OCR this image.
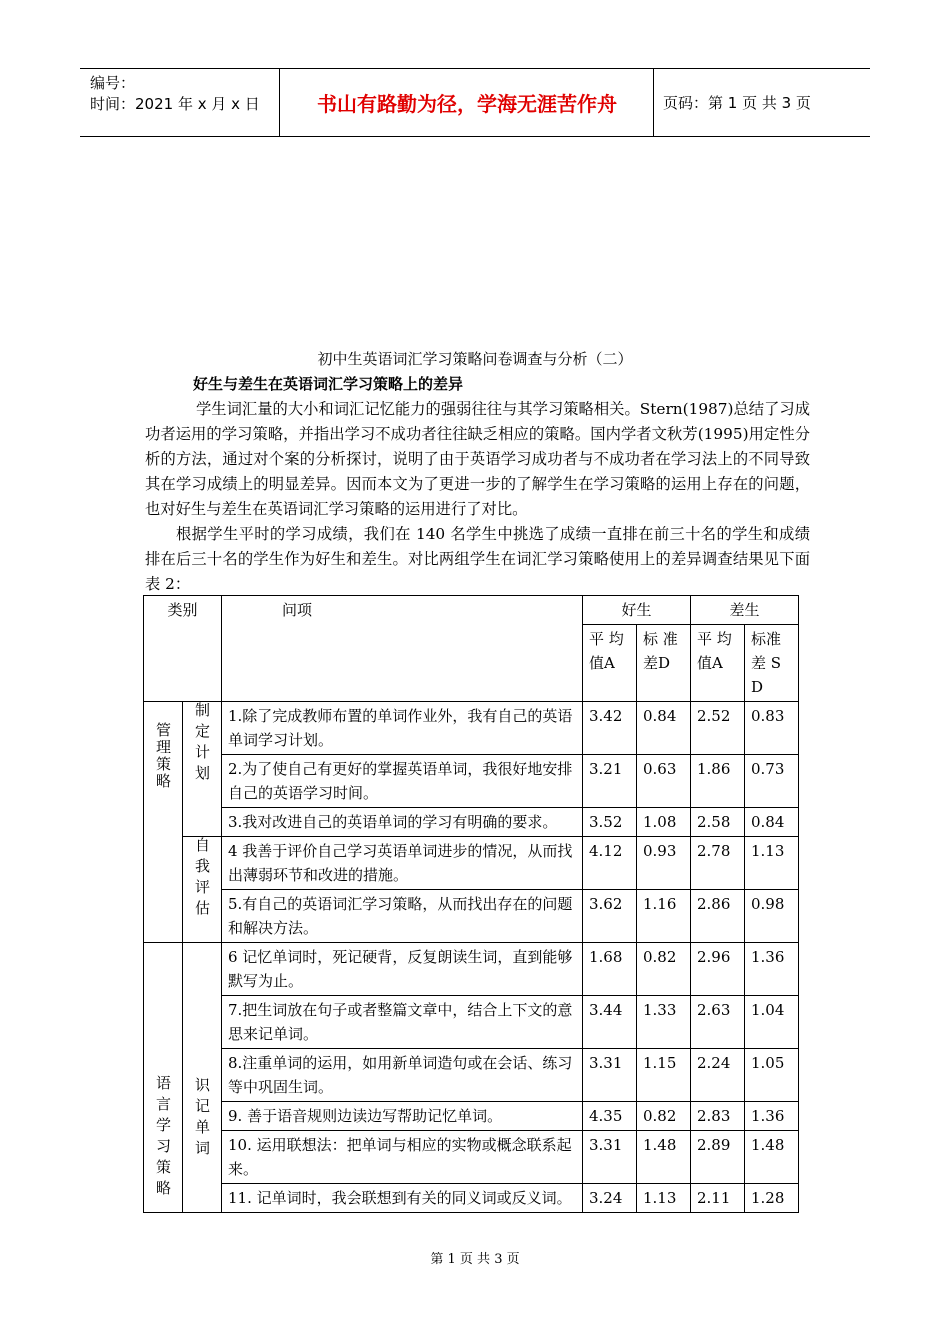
编号：
时间：2021 年 x 月 x 日	书山有路勤为径，学海无涯苦作舟	页码：第 1 页 共 3 页
初中生英语词汇学习策略问卷调查与分析（二）
好生与差生在英语词汇学习策略上的差异
学生词汇量的大小和词汇记忆能力的强弱往往与其学习策略相关。Stern(1987)总结了习成功者运用的学习策略，并指出学习不成功者往往缺乏相应的策略。国内学者文秋芳(1995)用定性分析的方法，通过对个案的分析探讨，说明了由于英语学习成功者与不成功者在学习法上的不同导致其在学习成绩上的明显差异。因而本文为了更进一步的了解学生在学习策略的运用上存在的问题，也对好生与差生在英语词汇学习策略的运用进行了对比。
根据学生平时的学习成绩，我们在 140 名学生中挑选了成绩一直排在前三十名的学生和成绩排在后三十名的学生作为好生和差生。对比两组学生在词汇学习策略使用上的差异调查结果见下面表 2：
类别		问项	好生		差生	
			平 均 值A	标 准 差D	平 均 值A	标准差 S D
管理策略	制定计划	1.除了完成教师布置的单词作业外，我有自己的英语单词学习计划。	3.42	0.84	2.52	0.83
		2.为了使自己有更好的掌握英语单词，我很好地安排自己的英语学习时间。	3.21	0.63	1.86	0.73
		3.我对改进自己的英语单词的学习有明确的要求。	3.52	1.08	2.58	0.84
	自我评估	4 我善于评价自己学习英语单词进步的情况，从而找出薄弱环节和改进的措施。	4.12	0.93	2.78	1.13
		5.有自己的英语词汇学习策略，从而找出存在的问题和解决方法。	3.62	1.16	2.86	0.98
语言学习策略	识记单词	6 记忆单词时，死记硬背，反复朗读生词，直到能够默写为止。	1.68	0.82	2.96	1.36
		7.把生词放在句子或者整篇文章中，结合上下文的意思来记单词。	3.44	1.33	2.63	1.04
		8.注重单词的运用，如用新单词造句或在会话、练习等中巩固生词。	3.31	1.15	2.24	1.05
		9. 善于语音规则边读边写帮助记忆单词。	4.35	0.82	2.83	1.36
		10. 运用联想法：把单词与相应的实物或概念联系起来。	3.31	1.48	2.89	1.48
		11. 记单词时，我会联想到有关的同义词或反义词。	3.24	1.13	2.11	1.28
第 1 页 共 3 页
